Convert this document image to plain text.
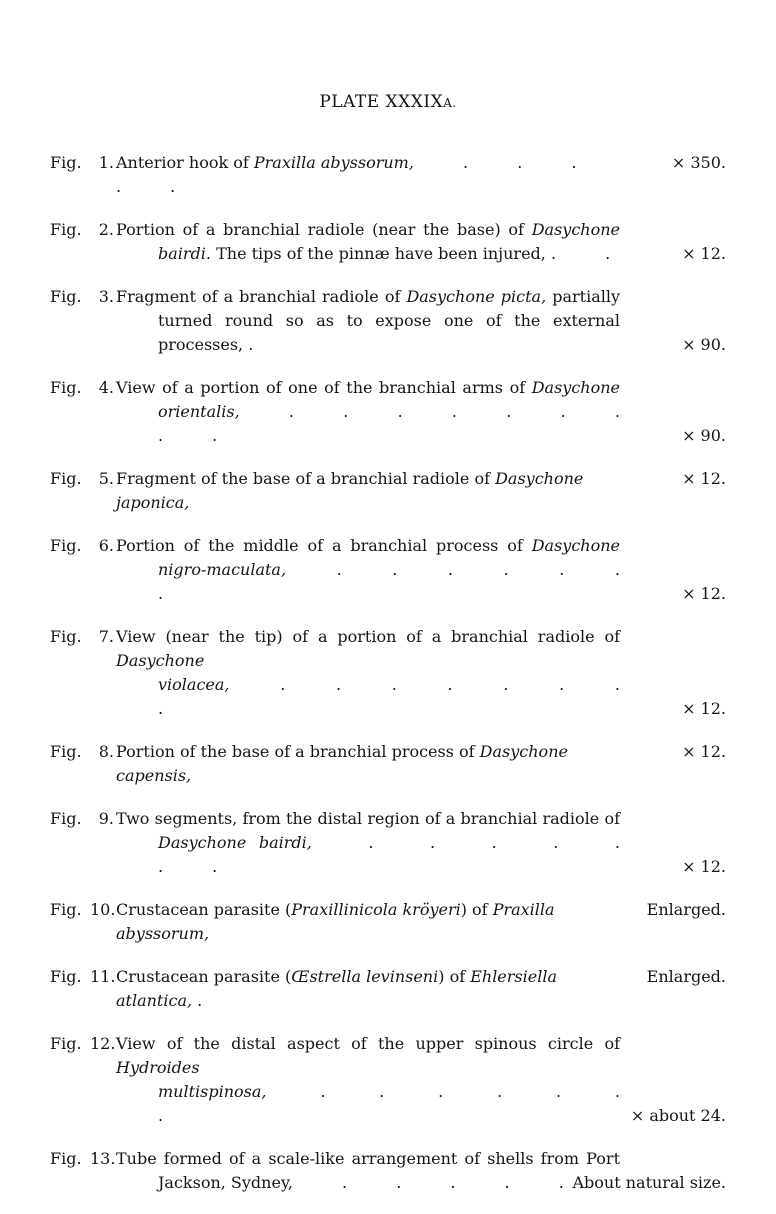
PLATE XXXIXA.
Fig. 1. Anterior hook of Praxilla abyssorum, . . . . .
× 350.
Fig. 2. Portion of a branchial radiole (near the base) of Dasychone
bairdi. The tips of the pinnæ have been injured, . .	× 12.
Fig. 3. Fragment of a branchial radiole of Dasychone picta, partially
turned round so as to expose one of the external processes, .	× 90.
Fig. 4. View of a portion of one of the branchial arms of Dasychone
orientalis, . . . . . . . . .	× 90.
Fig. 5. Fragment of the base of a branchial radiole of Dasychone japonica,
× 12.
Fig. 6. Portion of the middle of a branchial process of Dasychone
nigro-maculata, . . . . . . .	× 12.
Fig. 7. View (near the tip) of a portion of a branchial radiole of Dasychone
violacea, . . . . . . . .	× 12.
Fig. 8. Portion of the base of a branchial process of Dasychone capensis,
× 12.
Fig. 9. Two segments, from the distal region of a branchial radiole of
Dasychone bairdi, . . . . . . .	× 12.
Fig. 10. Crustacean parasite (Praxillinicola kröyeri) of Praxilla abyssorum,
Enlarged.
Fig. 11. Crustacean parasite (Œstrella levinseni) of Ehlersiella atlantica, .
Enlarged.
Fig. 12. View of the distal aspect of the upper spinous circle of Hydroides
multispinosa, . . . . . . .	× about 24.
Fig. 13. Tube formed of a scale-like arrangement of shells from Port
Jackson, Sydney, . . . . . About natural size.
